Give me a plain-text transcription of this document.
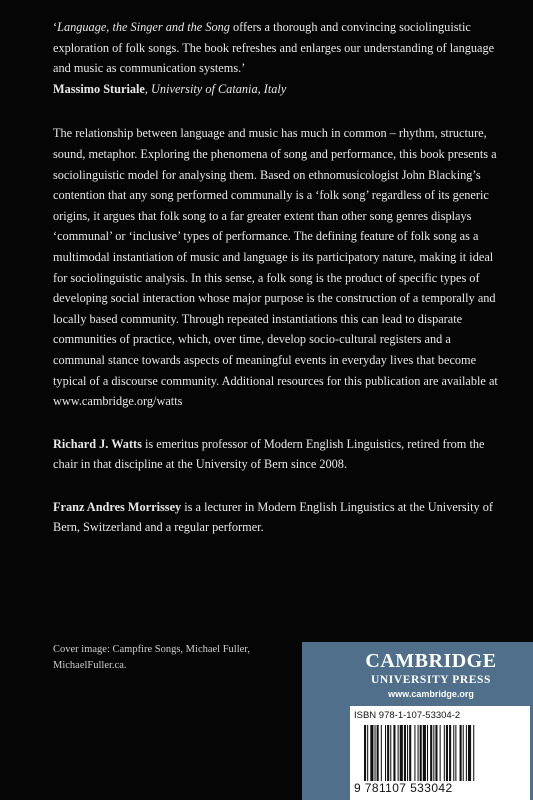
‘Language, the Singer and the Song offers a thorough and convincing sociolinguistic exploration of folk songs. The book refreshes and enlarges our understanding of language and music as communication systems.’
Massimo Sturiale, University of Catania, Italy

The relationship between language and music has much in common – rhythm, structure, sound, metaphor. Exploring the phenomena of song and performance, this book presents a sociolinguistic model for analysing them. Based on ethnomusicologist John Blacking’s contention that any song performed communally is a ‘folk song’ regardless of its generic origins, it argues that folk song to a far greater extent than other song genres displays ‘communal’ or ‘inclusive’ types of performance. The defining feature of folk song as a multimodal instantiation of music and language is its participatory nature, making it ideal for sociolinguistic analysis. In this sense, a folk song is the product of specific types of developing social interaction whose major purpose is the construction of a temporally and locally based community. Through repeated instantiations this can lead to disparate communities of practice, which, over time, develop socio-cultural registers and a communal stance towards aspects of meaningful events in everyday lives that become typical of a discourse community. Additional resources for this publication are available at www.cambridge.org/watts

Richard J. Watts is emeritus professor of Modern English Linguistics, retired from the chair in that discipline at the University of Bern since 2008.

Franz Andres Morrissey is a lecturer in Modern English Linguistics at the University of Bern, Switzerland and a regular performer.

Cover image: Campfire Songs, Michael Fuller, MichaelFuller.ca.	CAMBRIDGE
UNIVERSITY PRESS
www.cambridge.org
ISBN 978-1-107-53304-2
9 781107 533042
